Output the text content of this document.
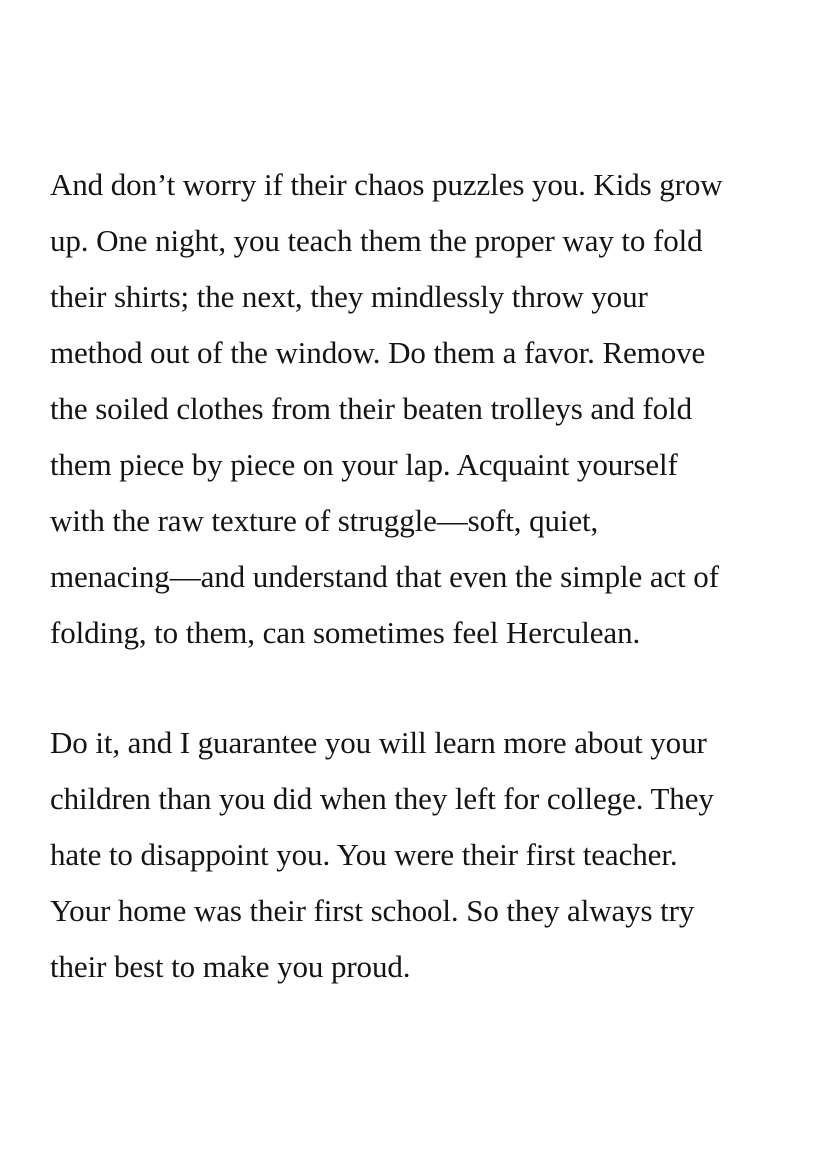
And don’t worry if their chaos puzzles you. Kids grow
up. One night, you teach them the proper way to fold
their shirts; the next, they mindlessly throw your
method out of the window. Do them a favor. Remove
the soiled clothes from their beaten trolleys and fold
them piece by piece on your lap. Acquaint yourself
with the raw texture of struggle—soft, quiet,
menacing—and understand that even the simple act of
folding, to them, can sometimes feel Herculean.

Do it, and I guarantee you will learn more about your
children than you did when they left for college. They
hate to disappoint you. You were their first teacher.
Your home was their first school. So they always try
their best to make you proud.
